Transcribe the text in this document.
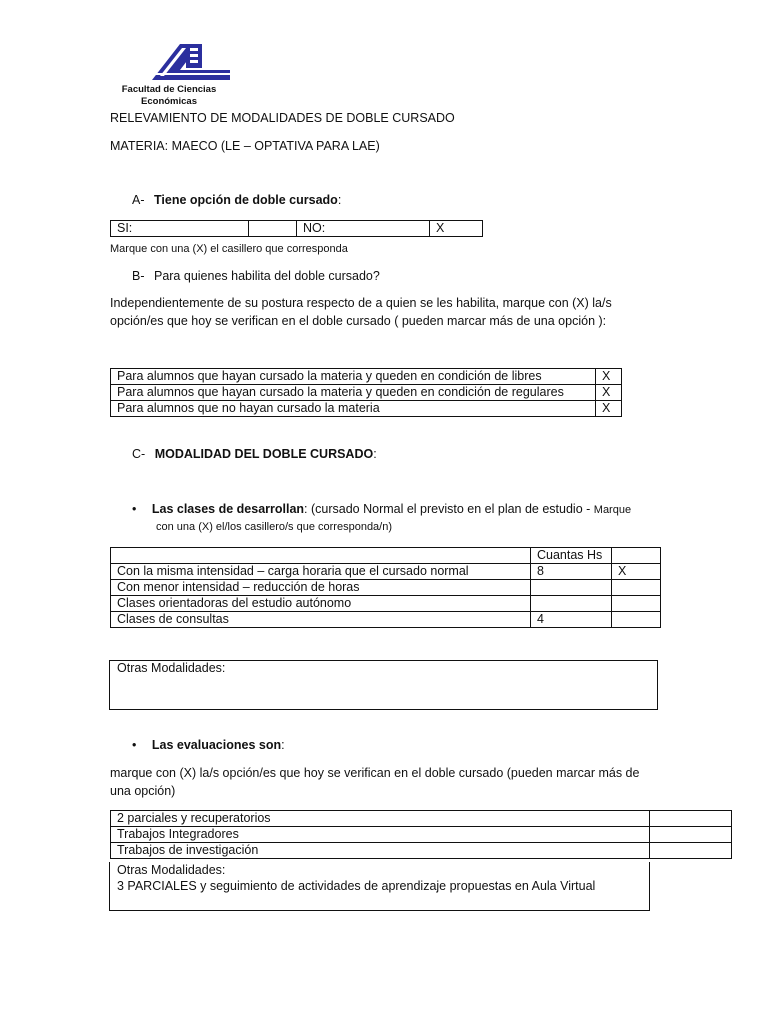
Facultad de Ciencias
Económicas
RELEVAMIENTO DE MODALIDADES DE DOBLE CURSADO
MATERIA: MAECO (LE – OPTATIVA PARA LAE)
A- Tiene opción de doble cursado:
SI:		NO:	X
Marque con una (X) el casillero que corresponda
B- Para quienes habilita del doble cursado?
Independientemente de su postura respecto de a quien se les habilita, marque con (X) la/s
opción/es que hoy se verifican en el doble cursado ( pueden marcar más de una opción ):
Para alumnos que hayan cursado la materia y queden en condición de libres	X
Para alumnos que hayan cursado la materia y queden en condición de regulares	X
Para alumnos que no hayan cursado la materia	X
C- MODALIDAD DEL DOBLE CURSADO:
• Las clases de desarrollan: (cursado Normal el previsto en el plan de estudio - Marque
con una (X) el/los casillero/s que corresponda/n)
	Cuantas Hs	
Con la misma intensidad – carga horaria que el cursado normal	8	X
Con menor intensidad – reducción de horas		
Clases orientadoras del estudio autónomo		
Clases de consultas	4	
Otras Modalidades:
• Las evaluaciones son:
marque con (X) la/s opción/es que hoy se verifican en el doble cursado (pueden marcar más de
una opción)
2 parciales y recuperatorios	
Trabajos Integradores	
Trabajos de investigación	
Otras Modalidades:
3 PARCIALES y seguimiento de actividades de aprendizaje propuestas en Aula Virtual
